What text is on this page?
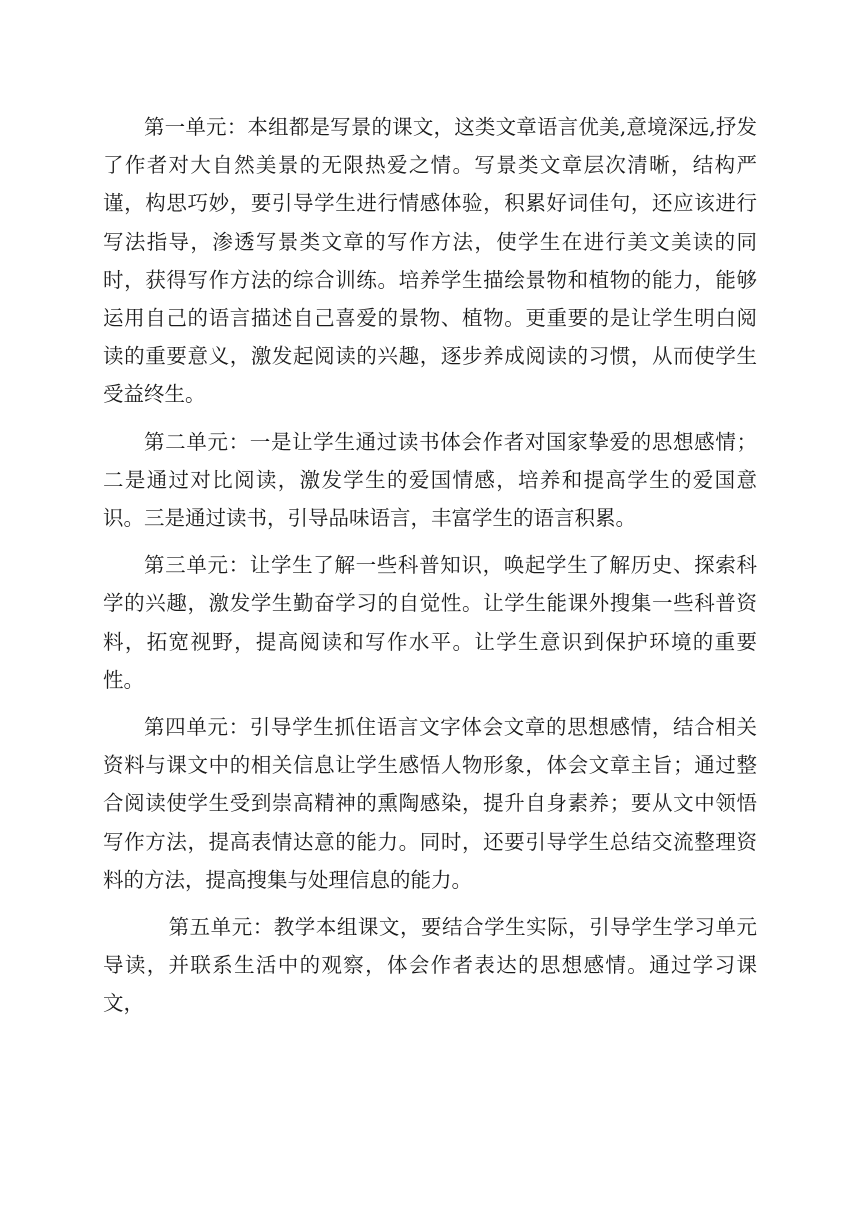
第一单元：本组都是写景的课文，这类文章语言优美,意境深远,抒发了作者对大自然美景的无限热爱之情。写景类文章层次清晰，结构严谨，构思巧妙，要引导学生进行情感体验，积累好词佳句，还应该进行写法指导，渗透写景类文章的写作方法，使学生在进行美文美读的同时，获得写作方法的综合训练。培养学生描绘景物和植物的能力，能够运用自己的语言描述自己喜爱的景物、植物。更重要的是让学生明白阅读的重要意义，激发起阅读的兴趣，逐步养成阅读的习惯，从而使学生受益终生。

第二单元：一是让学生通过读书体会作者对国家挚爱的思想感情；二是通过对比阅读，激发学生的爱国情感，培养和提高学生的爱国意识。三是通过读书，引导品味语言，丰富学生的语言积累。

第三单元：让学生了解一些科普知识，唤起学生了解历史、探索科学的兴趣，激发学生勤奋学习的自觉性。让学生能课外搜集一些科普资料，拓宽视野，提高阅读和写作水平。让学生意识到保护环境的重要性。

第四单元：引导学生抓住语言文字体会文章的思想感情，结合相关资料与课文中的相关信息让学生感悟人物形象，体会文章主旨；通过整合阅读使学生受到崇高精神的熏陶感染，提升自身素养；要从文中领悟写作方法，提高表情达意的能力。同时，还要引导学生总结交流整理资料的方法，提高搜集与处理信息的能力。

第五单元：教学本组课文，要结合学生实际，引导学生学习单元导读，并联系生活中的观察，体会作者表达的思想感情。通过学习课文，
